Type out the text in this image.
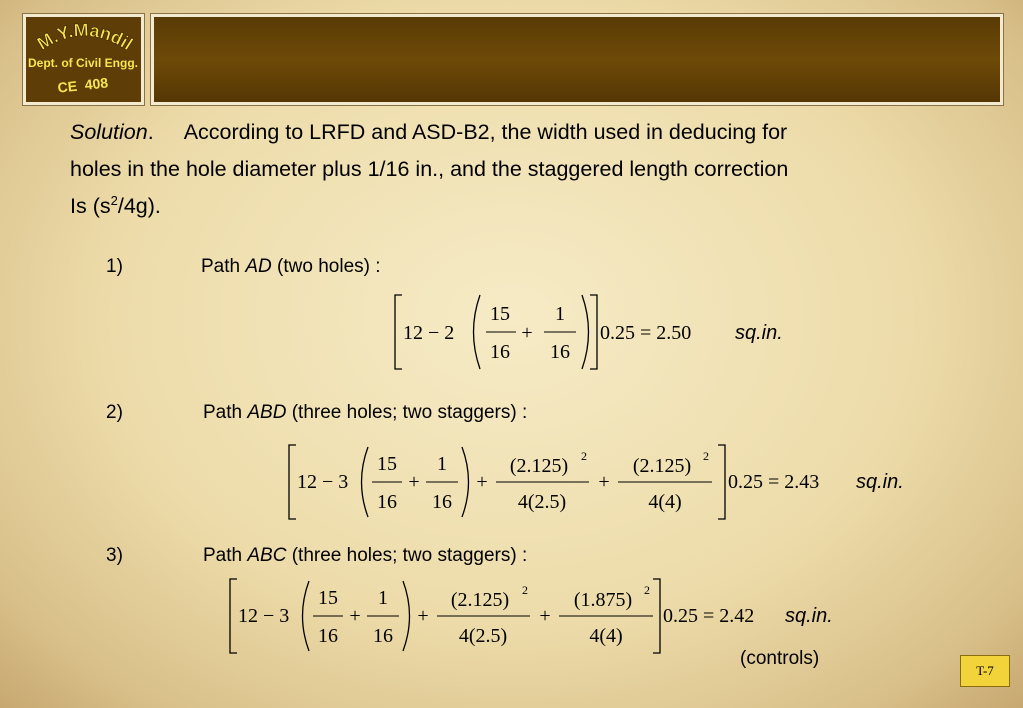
M.Y.Mandil
Dept. of Civil Engg.
CE  408
Solution. According to LRFD and ASD-B2, the width used in deducing for
holes in the hole diameter plus 1/16 in., and the staggered length correction
Is $(s^2/4g)$.
1)	Path AD (two holes) :
12 − 2
15
16
+
1
16
0.25 = 2.50 sq.in.
2)	Path ABD (three holes; two staggers) :
12 − 3
15
16
+
1
16
+
(2.125) 2
4(2.5)
+
(2.125) 2
4(4)
0.25 = 2.43 sq.in.
3)	Path ABC (three holes; two staggers) :
12 − 3
15
16
+
1
16
+
(2.125) 2
4(2.5)
+
(1.875) 2
4(4)
0.25 = 2.42 sq.in.
(controls)
T-7
